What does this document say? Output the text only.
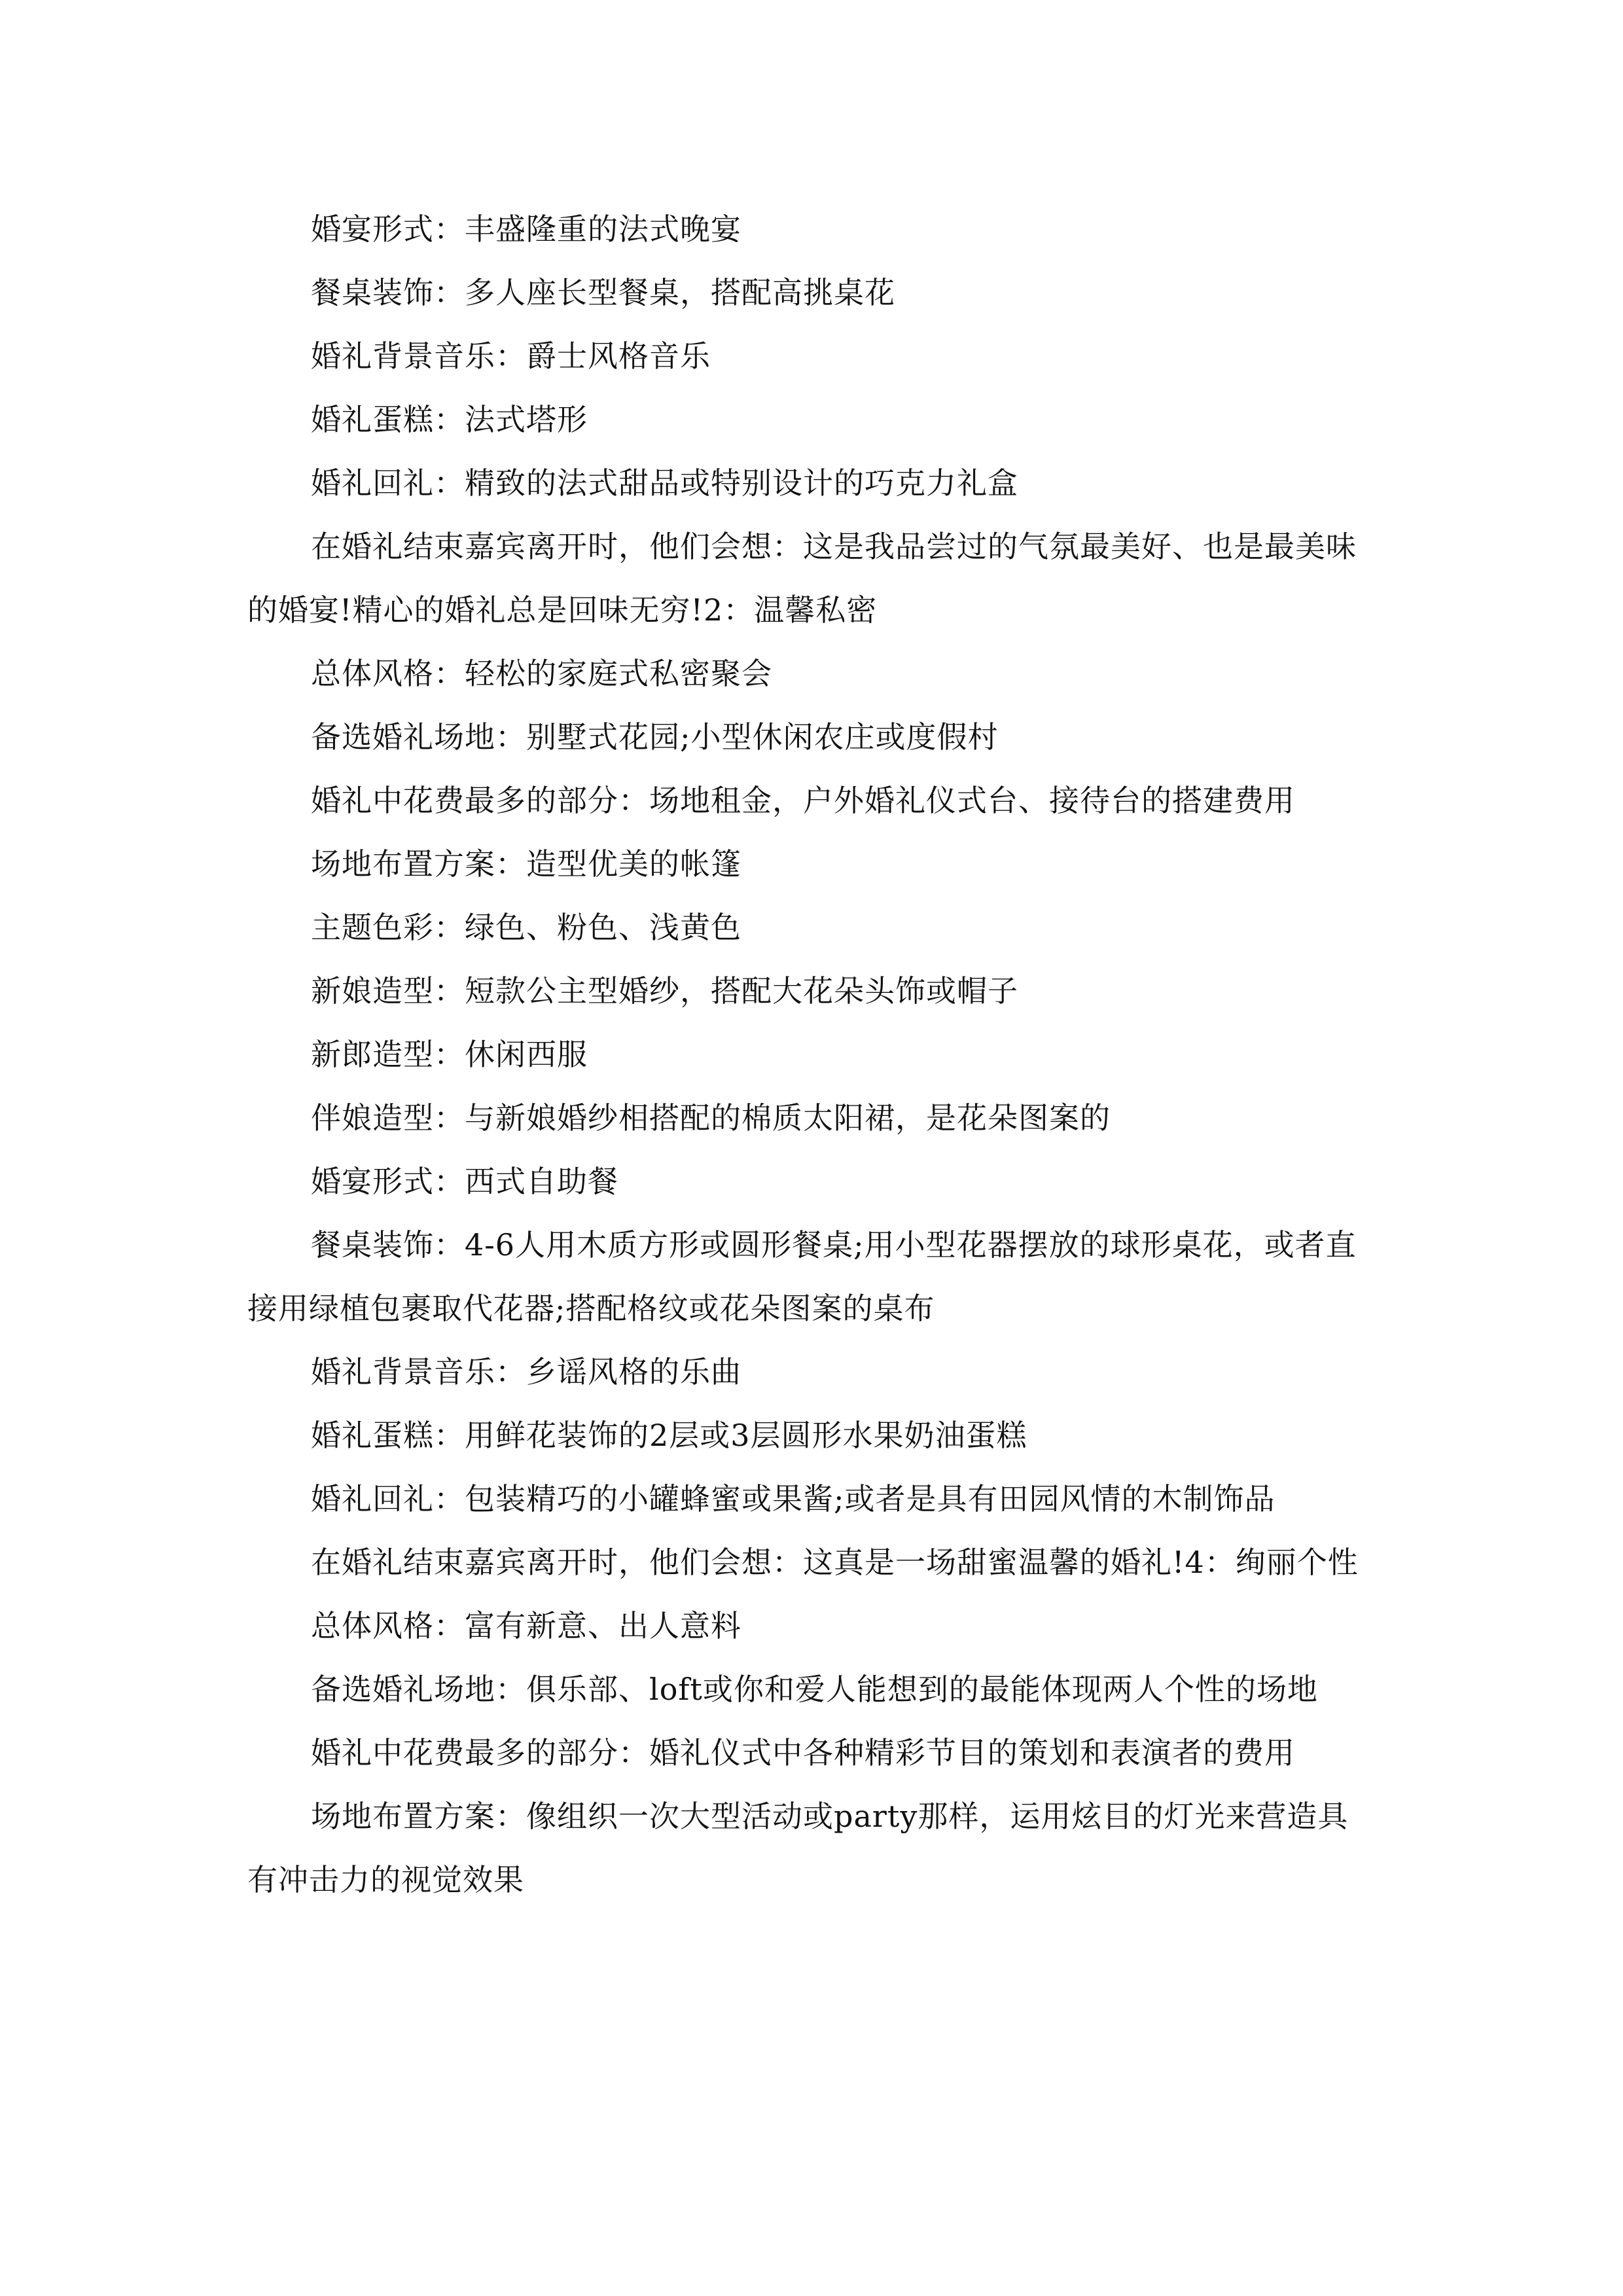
婚宴形式：丰盛隆重的法式晚宴

餐桌装饰：多人座长型餐桌，搭配高挑桌花

婚礼背景音乐：爵士风格音乐

婚礼蛋糕：法式塔形

婚礼回礼：精致的法式甜品或特别设计的巧克力礼盒

在婚礼结束嘉宾离开时，他们会想：这是我品尝过的气氛最美好、也是最美味的婚宴!精心的婚礼总是回味无穷!2：温馨私密

总体风格：轻松的家庭式私密聚会

备选婚礼场地：别墅式花园;小型休闲农庄或度假村

婚礼中花费最多的部分：场地租金，户外婚礼仪式台、接待台的搭建费用

场地布置方案：造型优美的帐篷

主题色彩：绿色、粉色、浅黄色

新娘造型：短款公主型婚纱，搭配大花朵头饰或帽子

新郎造型：休闲西服

伴娘造型：与新娘婚纱相搭配的棉质太阳裙，是花朵图案的

婚宴形式：西式自助餐

餐桌装饰：4-6人用木质方形或圆形餐桌;用小型花器摆放的球形桌花，或者直接用绿植包裹取代花器;搭配格纹或花朵图案的桌布

婚礼背景音乐：乡谣风格的乐曲

婚礼蛋糕：用鲜花装饰的2层或3层圆形水果奶油蛋糕

婚礼回礼：包装精巧的小罐蜂蜜或果酱;或者是具有田园风情的木制饰品

在婚礼结束嘉宾离开时，他们会想：这真是一场甜蜜温馨的婚礼!4：绚丽个性

总体风格：富有新意、出人意料

备选婚礼场地：俱乐部、loft或你和爱人能想到的最能体现两人个性的场地

婚礼中花费最多的部分：婚礼仪式中各种精彩节目的策划和表演者的费用

场地布置方案：像组织一次大型活动或party那样，运用炫目的灯光来营造具有冲击力的视觉效果
